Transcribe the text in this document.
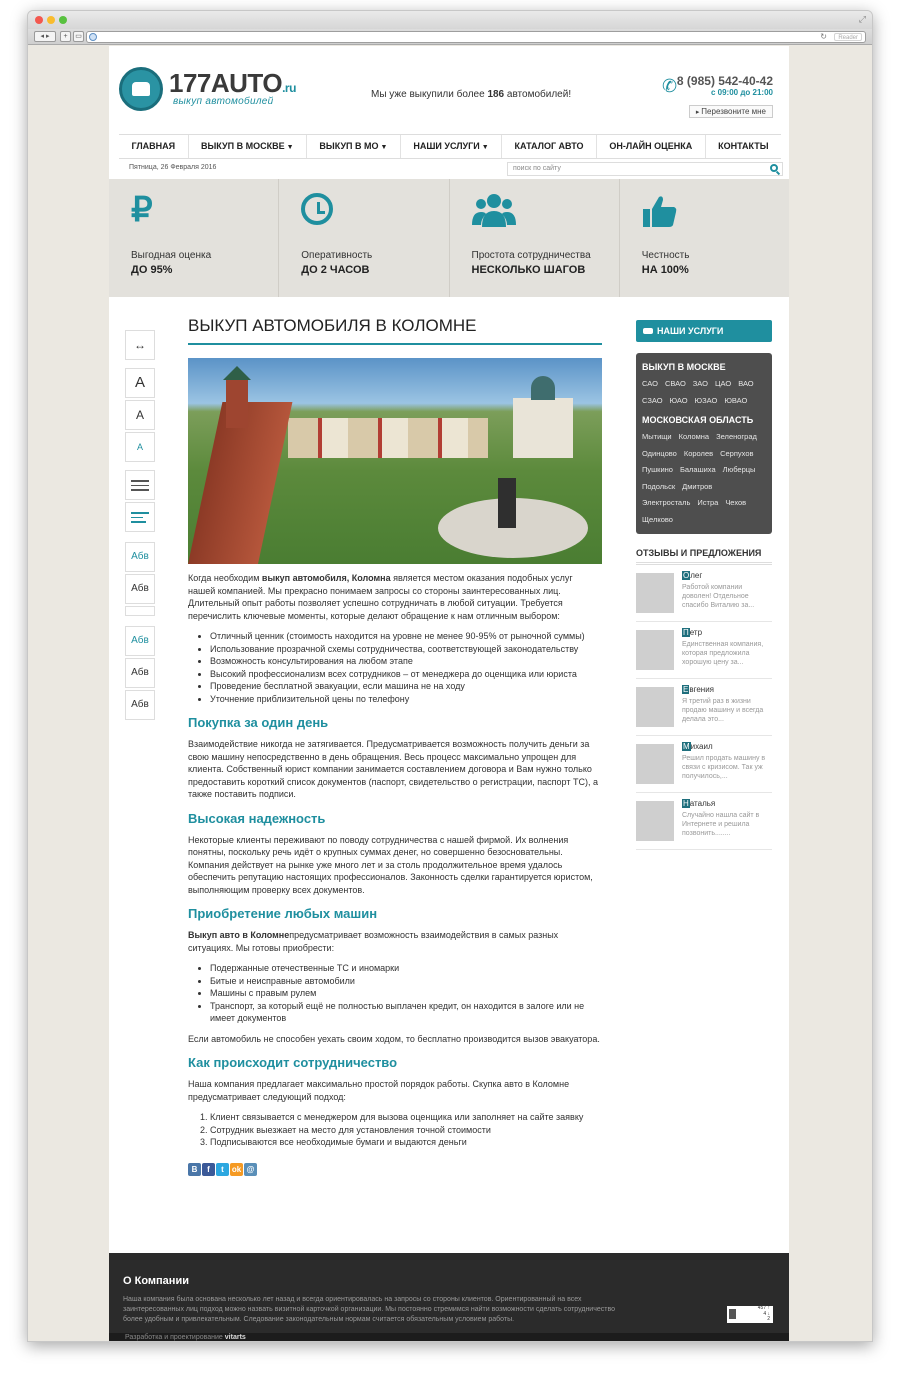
⤢
◂ ▸	+	▭	↻	Reader
177AUTO.ru
выкуп автомобилей
Мы уже выкупили более 186 автомобилей!	✆ 8 (985) 542-40-42
с 09:00 до 21:00
▸ Перезвоните мне
ГЛАВНАЯ	ВЫКУП В МОСКВЕ ▼	ВЫКУП В МО ▼	НАШИ УСЛУГИ ▼	КАТАЛОГ АВТО	ОН-ЛАЙН ОЦЕНКА	КОНТАКТЫ
Пятница, 26 Февраля 2016	поиск по сайту
₽
Выгодная оценка
ДО 95%
Оперативность
ДО 2 ЧАСОВ
Простота сотрудничества
НЕСКОЛЬКО ШАГОВ
Честность
НА 100%
↔
A
A
A
Абв
Абв
Абв
Абв
Абв
ВЫКУП АВТОМОБИЛЯ В КОЛОМНЕ

Когда необходим выкуп автомобиля, Коломна является местом оказания подобных услуг нашей компанией. Мы прекрасно понимаем запросы со стороны заинтересованных лиц. Длительный опыт работы позволяет успешно сотрудничать в любой ситуации. Требуется перечислить ключевые моменты, которые делают обращение к нам отличным выбором:

• Отличный ценник (стоимость находится на уровне не менее 90-95% от рыночной суммы)
• Использование прозрачной схемы сотрудничества, соответствующей законодательству
• Возможность консультирования на любом этапе
• Высокий профессионализм всех сотрудников – от менеджера до оценщика или юриста
• Проведение бесплатной эвакуации, если машина не на ходу
• Уточнение приблизительной цены по телефону
Покупка за один день

Взаимодействие никогда не затягивается. Предусматривается возможность получить деньги за свою машину непосредственно в день обращения. Весь процесс максимально упрощен для клиента. Собственный юрист компании занимается составлением договора и Вам нужно только предоставить короткий список документов (паспорт, свидетельство о регистрации, паспорт ТС), а также поставить подписи.

Высокая надежность

Некоторые клиенты переживают по поводу сотрудничества с нашей фирмой. Их волнения понятны, поскольку речь идёт о крупных суммах денег, но совершенно безосновательны. Компания действует на рынке уже много лет и за столь продолжительное время удалось обеспечить репутацию настоящих профессионалов. Законность сделки гарантируется юристом, выполняющим проверку всех документов.

Приобретение любых машин

Выкуп авто в Коломнепредусматривает возможность взаимодействия в самых разных ситуациях. Мы готовы приобрести:

• Подержанные отечественные ТС и иномарки
• Битые и неисправные автомобили
• Машины с правым рулем
• Транспорт, за который ещё не полностью выплачен кредит, он находится в залоге или не имеет документов

Если автомобиль не способен уехать своим ходом, то бесплатно производится вызов эвакуатора.

Как происходит сотрудничество

Наша компания предлагает максимально простой порядок работы. Скупка авто в Коломне предусматривает следующий подход:

1. Клиент связывается с менеджером для вызова оценщика или заполняет на сайте заявку
2. Сотрудник выезжает на место для установления точной стоимости
3. Подписываются все необходимые бумаги и выдаются деньги
B	f	t	ok @
НАШИ УСЛУГИ
ВЫКУП В МОСКВЕ
САО СВАО ЗАО ЦАО ВАО
СЗАО ЮАО ЮЗАО ЮВАО
МОСКОВСКАЯ ОБЛАСТЬ
Мытищи Коломна Зеленоград
Одинцово Королев Серпухов
Пушкино Балашиха Люберцы
Подольск Дмитров
Электросталь Истра Чехов
Щелково
ОТЗЫВЫ И ПРЕДЛОЖЕНИЯ
Олег
Работой компании доволен! Отдельное спасибо Виталию за...
Петр
Единственная компания, которая предложила хорошую цену за...
Евгения
Я третий раз в жизни продаю машину и всегда делала это...
Михаил
Решил продать машину в связи с кризисом. Так уж получилось,...
Наталья
Случайно нашла сайт в Интернете и решила позвонить........
О Компании
Наша компания была основана несколько лет назад и всегда ориентировалась на запросы со стороны клиентов. Ориентированный на всех заинтересованных лиц подход можно назвать визитной карточкой организации. Мы постоянно стремимся найти возможности сделать сотрудничество более удобным и привлекательным. Следование законодательным нормам считается обязательным условием работы.
457 ↑
4 ↓
2
Разработка и проектирование vitarts
